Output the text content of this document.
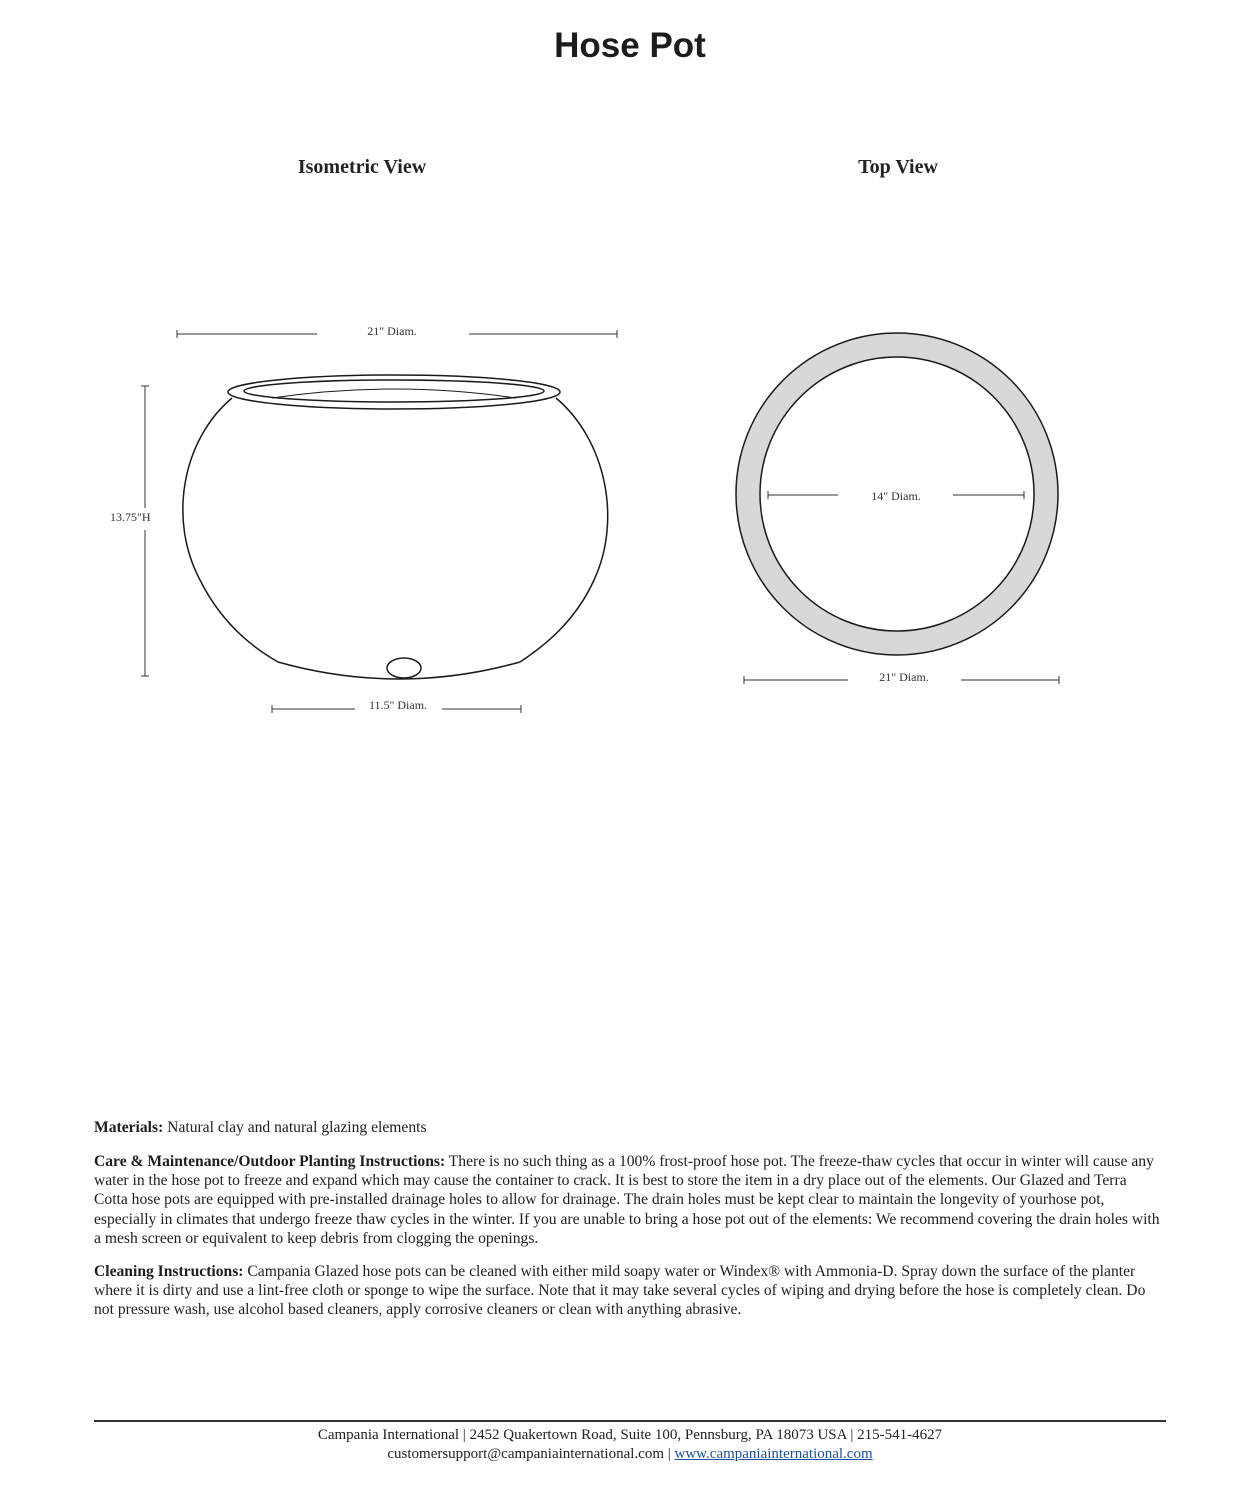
Hose Pot
Isometric View	Top View
21" Diam.
13.75"H
11.5" Diam.
14" Diam.
21" Diam.

Materials: Natural clay and natural glazing elements

Care & Maintenance/Outdoor Planting Instructions: There is no such thing as a 100% frost-proof hose pot. The freeze-thaw cycles that occur in winter will cause any water in the hose pot to freeze and expand which may cause the container to crack. It is best to store the item in a dry place out of the elements. Our Glazed and Terra Cotta hose pots are equipped with pre-installed drainage holes to allow for drainage. The drain holes must be kept clear to maintain the longevity of yourhose pot, especially in climates that undergo freeze thaw cycles in the winter. If you are unable to bring a hose pot out of the elements: We recommend covering the drain holes with a mesh screen or equivalent to keep debris from clogging the openings.

Cleaning Instructions: Campania Glazed hose pots can be cleaned with either mild soapy water or Windex® with Ammonia-D. Spray down the surface of the planter where it is dirty and use a lint-free cloth or sponge to wipe the surface. Note that it may take several cycles of wiping and drying before the hose is completely clean. Do not pressure wash, use alcohol based cleaners, apply corrosive cleaners or clean with anything abrasive.

Campania International | 2452 Quakertown Road, Suite 100, Pennsburg, PA 18073 USA | 215-541-4627
customersupport@campaniainternational.com | www.campaniainternational.com
